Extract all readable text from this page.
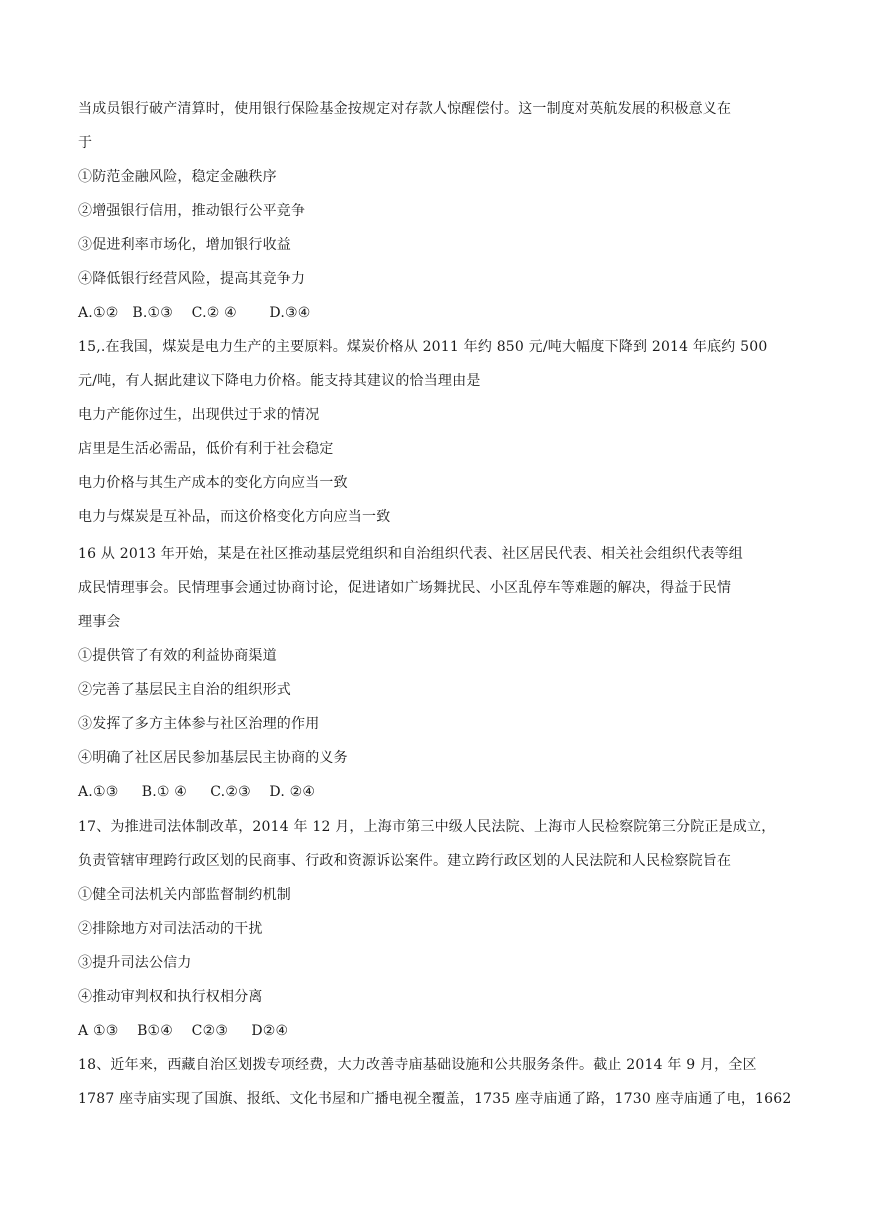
当成员银行破产清算时，使用银行保险基金按规定对存款人惊醒偿付。这一制度对英航发展的积极意义在
于
①防范金融风险，稳定金融秩序
②增强银行信用，推动银行公平竞争
③促进利率市场化，增加银行收益
④降低银行经营风险，提高其竞争力
A.①②   B.①③    C.② ④       D.③④
15,.在我国，煤炭是电力生产的主要原料。煤炭价格从 2011 年约 850 元/吨大幅度下降到 2014 年底约 500
元/吨，有人据此建议下降电力价格。能支持其建议的恰当理由是
电力产能你过生，出现供过于求的情况
店里是生活必需品，低价有利于社会稳定
电力价格与其生产成本的变化方向应当一致
电力与煤炭是互补品，而这价格变化方向应当一致
16 从 2013 年开始，某是在社区推动基层党组织和自治组织代表、社区居民代表、相关社会组织代表等组
成民情理事会。民情理事会通过协商讨论，促进诸如广场舞扰民、小区乱停车等难题的解决，得益于民情
理事会
①提供管了有效的利益协商渠道
②完善了基层民主自治的组织形式
③发挥了多方主体参与社区治理的作用
④明确了社区居民参加基层民主协商的义务
A.①③     B.① ④     C.②③    D. ②④
17、为推进司法体制改革，2014 年 12 月，上海市第三中级人民法院、上海市人民检察院第三分院正是成立，
负责管辖审理跨行政区划的民商事、行政和资源诉讼案件。建立跨行政区划的人民法院和人民检察院旨在
①健全司法机关内部监督制约机制
②排除地方对司法活动的干扰
③提升司法公信力
④推动审判权和执行权相分离
A ①③    B①④    C②③     D②④
18、近年来，西藏自治区划拨专项经费，大力改善寺庙基础设施和公共服务条件。截止 2014 年 9 月，全区
1787 座寺庙实现了国旗、报纸、文化书屋和广播电视全覆盖，1735 座寺庙通了路，1730 座寺庙通了电，1662
